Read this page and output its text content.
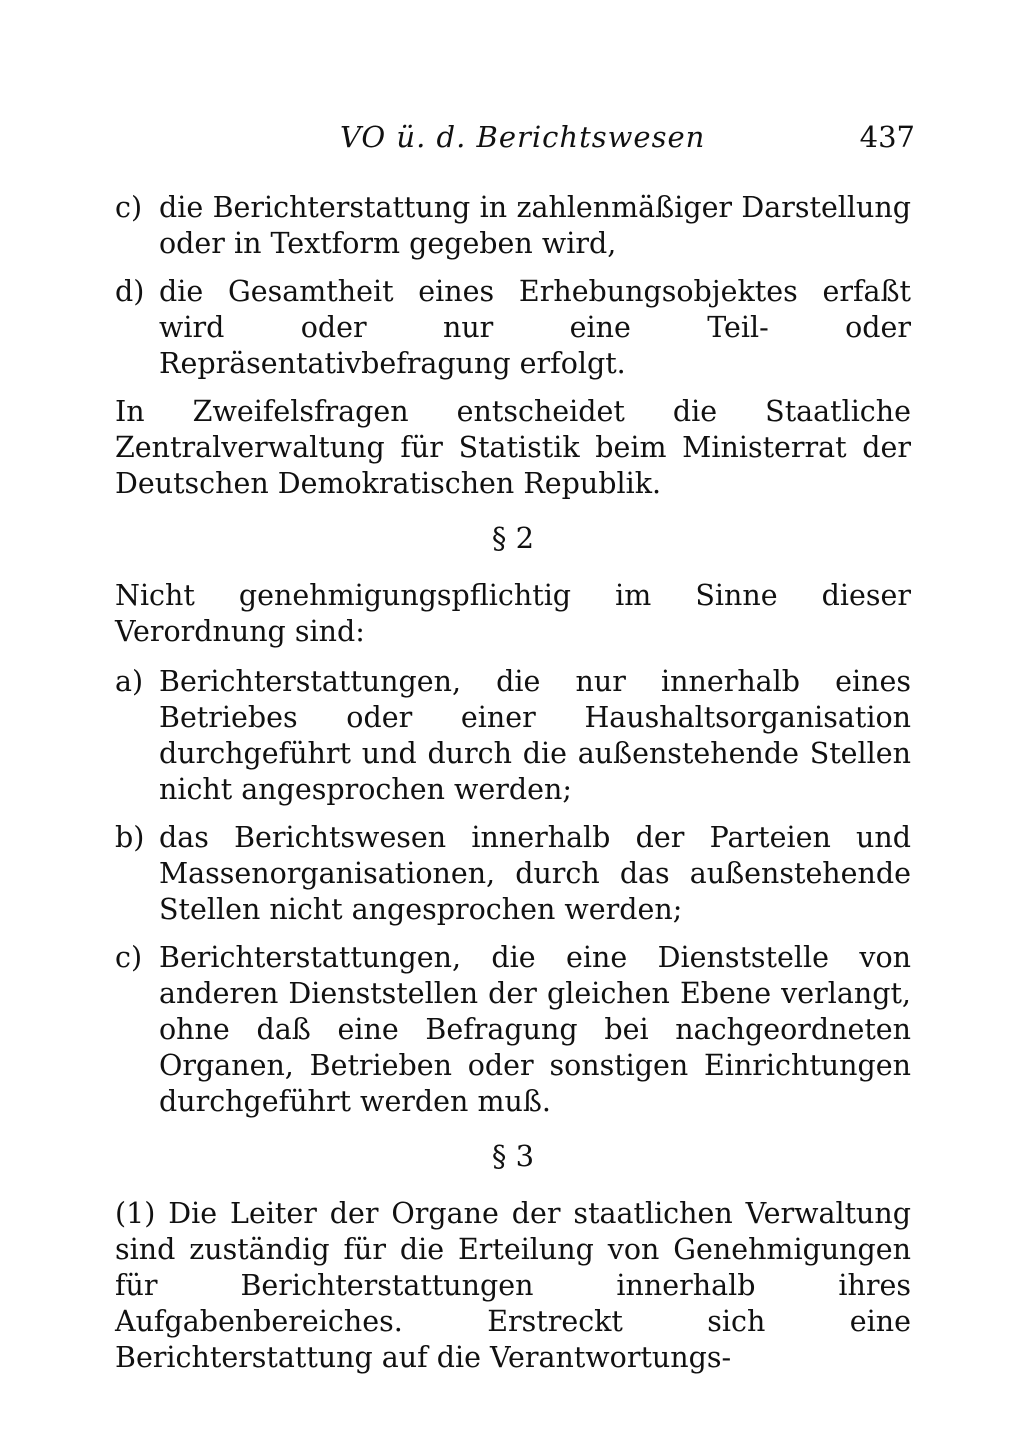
VO ü. d. Berichtswesen	437
c) die Berichterstattung in zahlenmäßiger Darstellung oder in Textform gegeben wird,
d) die Gesamtheit eines Erhebungsobjektes erfaßt wird oder nur eine Teil- oder Repräsentativbefragung erfolgt.

In Zweifelsfragen entscheidet die Staatliche Zentralverwaltung für Statistik beim Ministerrat der Deutschen Demokratischen Republik.

§ 2

Nicht genehmigungspflichtig im Sinne dieser Verordnung sind:

a) Berichterstattungen, die nur innerhalb eines Betriebes oder einer Haushaltsorganisation durchgeführt und durch die außenstehende Stellen nicht angesprochen werden;
b) das Berichtswesen innerhalb der Parteien und Massenorganisationen, durch das außenstehende Stellen nicht angesprochen werden;
c) Berichterstattungen, die eine Dienststelle von anderen Dienststellen der gleichen Ebene verlangt, ohne daß eine Befragung bei nachgeordneten Organen, Betrieben oder sonstigen Einrichtungen durchgeführt werden muß.
§ 3

(1) Die Leiter der Organe der staatlichen Verwaltung sind zuständig für die Erteilung von Genehmigungen für Berichterstattungen innerhalb ihres Aufgabenbereiches. Erstreckt sich eine Berichterstattung auf die Verantwortungs-
